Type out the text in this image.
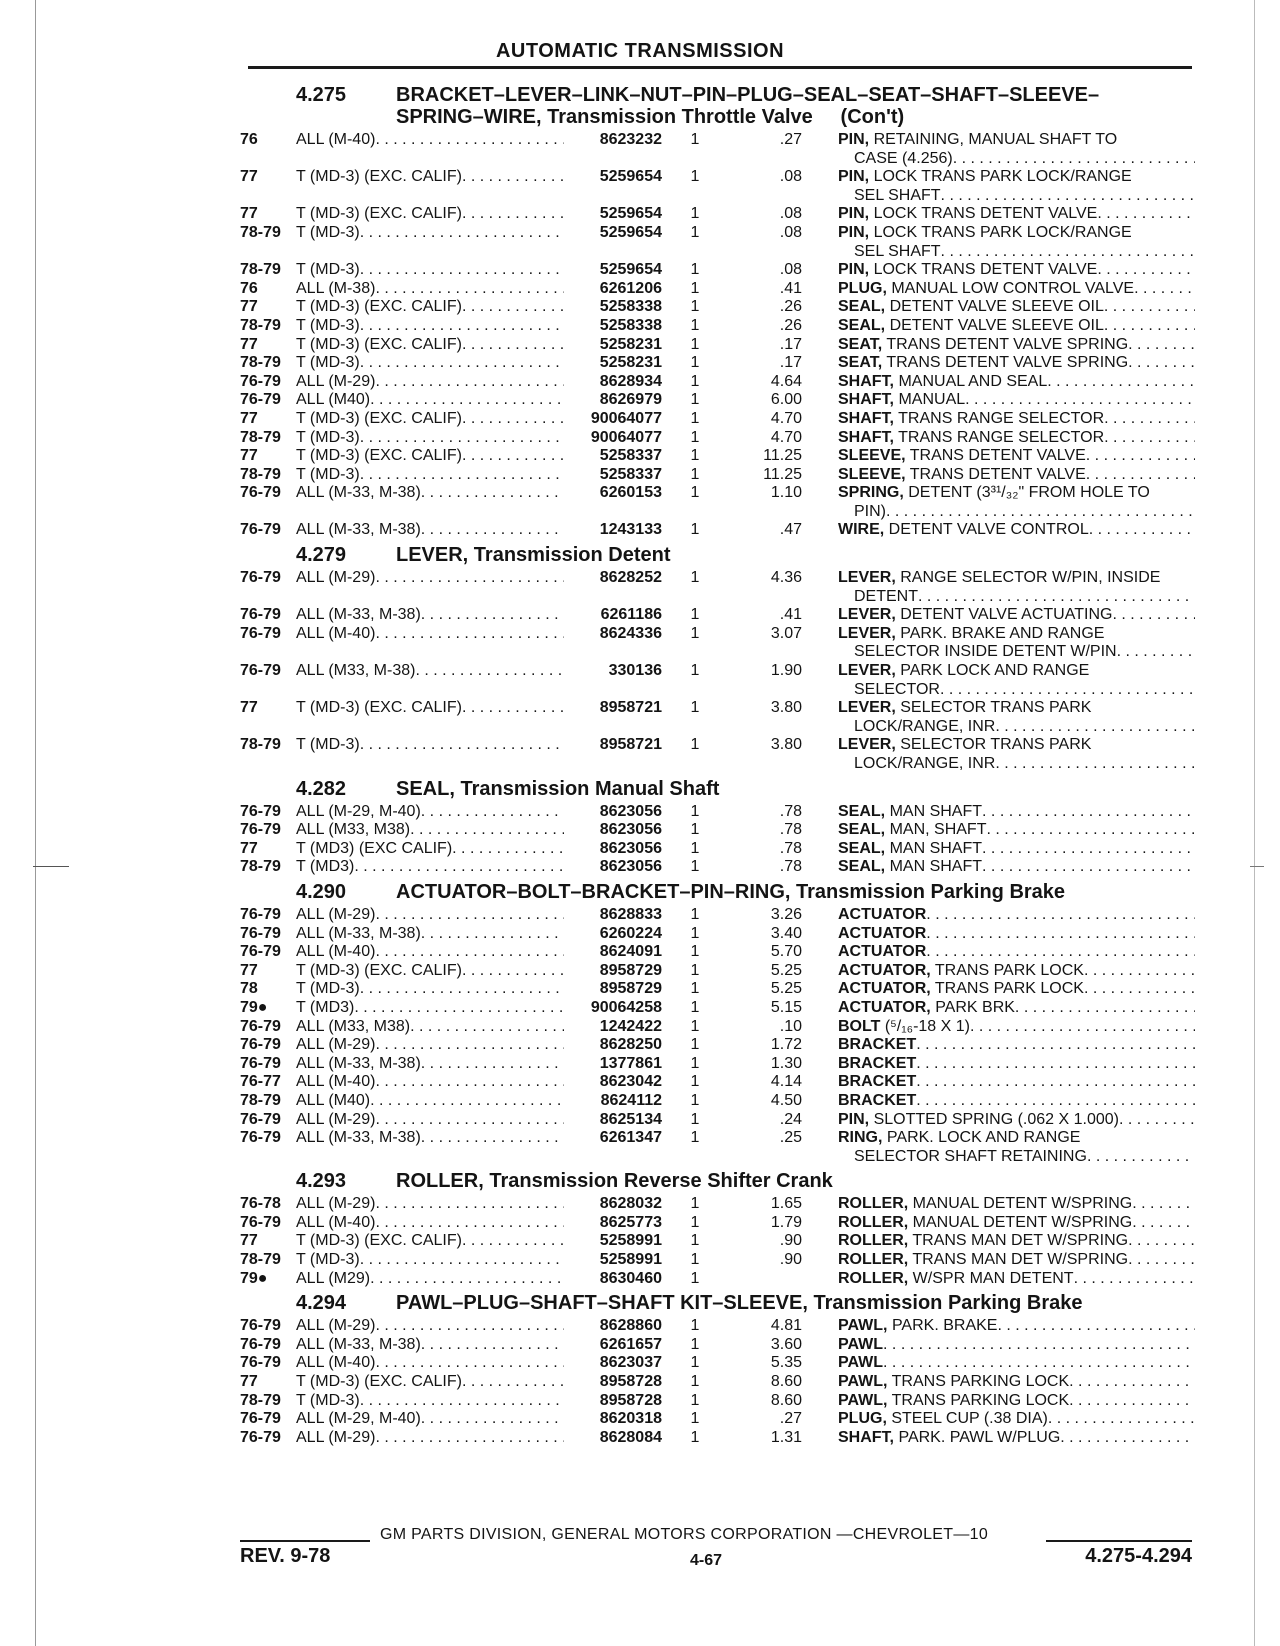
AUTOMATIC TRANSMISSION
4.275	BRACKET–LEVER–LINK–NUT–PIN–PLUG–SEAL–SEAT–SHAFT–SLEEVE–
SPRING–WIRE, Transmission Throttle Valve     (Con't)
76	ALL (M-40) . . .	8623232	1	.27	PIN, RETAINING, MANUAL SHAFT TO
CASE (4.256)
. . .
77	T (MD-3) (EXC. CALIF) . . .	5259654	1	.08	PIN, LOCK TRANS PARK LOCK/RANGE
SEL SHAFT
. . .
77	T (MD-3) (EXC. CALIF) . . .	5259654	1	.08	PIN, LOCK TRANS DETENT VALVE
. . .
78-79 T (MD-3) . . .	5259654	1	.08	PIN, LOCK TRANS PARK LOCK/RANGE
SEL SHAFT
. . .
78-79 T (MD-3) . . .	5259654	1	.08	PIN, LOCK TRANS DETENT VALVE
. . .
76	ALL (M-38) . . .	6261206	1	.41	PLUG, MANUAL LOW CONTROL VALVE
. . .
77	T (MD-3) (EXC. CALIF) . . .	5258338	1	.26	SEAL, DETENT VALVE SLEEVE OIL
. . .
78-79 T (MD-3) . . .	5258338	1	.26	SEAL, DETENT VALVE SLEEVE OIL
. . .
77	T (MD-3) (EXC. CALIF) . . .	5258231	1	.17	SEAT, TRANS DETENT VALVE SPRING
. . .
78-79 T (MD-3) . . .	5258231	1	.17	SEAT, TRANS DETENT VALVE SPRING
. . .
76-79 ALL (M-29) . . .	8628934	1	4.64	SHAFT, MANUAL AND SEAL
. . .
76-79 ALL (M40) . . .	8626979	1	6.00	SHAFT, MANUAL
. . .
77	T (MD-3) (EXC. CALIF) . . .	90064077	1	4.70	SHAFT, TRANS RANGE SELECTOR
. . .
78-79 T (MD-3) . . .	90064077	1	4.70	SHAFT, TRANS RANGE SELECTOR
. . .
77	T (MD-3) (EXC. CALIF) . . .	5258337	1	11.25	SLEEVE, TRANS DETENT VALVE
. . .
78-79 T (MD-3) . . .	5258337	1	11.25	SLEEVE, TRANS DETENT VALVE
. . .
76-79 ALL (M-33, M-38) . . .	6260153	1	1.10	SPRING, DETENT (3³¹/₃₂" FROM HOLE TO
PIN)
. . .
76-79 ALL (M-33, M-38) . . .	1243133	1	.47	WIRE, DETENT VALVE CONTROL
. . .
4.279	LEVER, Transmission Detent
76-79 ALL (M-29) . . .	8628252	1	4.36	LEVER, RANGE SELECTOR W/PIN, INSIDE
DETENT
. . .
76-79 ALL (M-33, M-38) . . .	6261186	1	.41	LEVER, DETENT VALVE ACTUATING
. . .
76-79 ALL (M-40) . . .	8624336	1	3.07	LEVER, PARK. BRAKE AND RANGE
SELECTOR INSIDE DETENT W/PIN
. . .
76-79 ALL (M33, M-38) . . .	330136	1	1.90	LEVER, PARK LOCK AND RANGE
SELECTOR
. . .
77	T (MD-3) (EXC. CALIF) . . .	8958721	1	3.80	LEVER, SELECTOR TRANS PARK
LOCK/RANGE, INR
. . .
78-79 T (MD-3) . . .	8958721	1	3.80	LEVER, SELECTOR TRANS PARK
LOCK/RANGE, INR
. . .
4.282	SEAL, Transmission Manual Shaft
76-79 ALL (M-29, M-40) . . .	8623056	1	.78	SEAL, MAN SHAFT
. . .
76-79 ALL (M33, M38) . . .	8623056	1	.78	SEAL, MAN, SHAFT
. . .
77	T (MD3) (EXC CALIF) . . .	8623056	1	.78	SEAL, MAN SHAFT
. . .
78-79 T (MD3) . . .	8623056	1	.78	SEAL, MAN SHAFT
. . .
4.290	ACTUATOR–BOLT–BRACKET–PIN–RING, Transmission Parking Brake
76-79 ALL (M-29) . . .	8628833	1	3.26	ACTUATOR
. . .
76-79 ALL (M-33, M-38) . . .	6260224	1	3.40	ACTUATOR
. . .
76-79 ALL (M-40) . . .	8624091	1	5.70	ACTUATOR
. . .
77	T (MD-3) (EXC. CALIF) . . .	8958729	1	5.25	ACTUATOR, TRANS PARK LOCK
. . .
78	T (MD-3) . . .	8958729	1	5.25	ACTUATOR, TRANS PARK LOCK
. . .
79●	T (MD3) . . .	90064258	1	5.15	ACTUATOR, PARK BRK
. . .
76-79 ALL (M33, M38) . . .	1242422	1	.10	BOLT (⁵/₁₆-18 X 1)
. . .
76-79 ALL (M-29) . . .	8628250	1	1.72	BRACKET
. . .
76-79 ALL (M-33, M-38) . . .	1377861	1	1.30	BRACKET
. . .
76-77 ALL (M-40) . . .	8623042	1	4.14	BRACKET
. . .
78-79 ALL (M40) . . .	8624112	1	4.50	BRACKET
. . .
76-79 ALL (M-29) . . .	8625134	1	.24	PIN, SLOTTED SPRING (.062 X 1.000)
. . .
76-79 ALL (M-33, M-38) . . .	6261347	1	.25	RING, PARK. LOCK AND RANGE
SELECTOR SHAFT RETAINING
. . .
4.293	ROLLER, Transmission Reverse Shifter Crank
76-78 ALL (M-29) . . .	8628032	1	1.65	ROLLER, MANUAL DETENT W/SPRING
. . .
76-79 ALL (M-40) . . .	8625773	1	1.79	ROLLER, MANUAL DETENT W/SPRING
. . .
77	T (MD-3) (EXC. CALIF) . . .	5258991	1	.90	ROLLER, TRANS MAN DET W/SPRING
. . .
78-79 T (MD-3) . . .	5258991	1	.90	ROLLER, TRANS MAN DET W/SPRING
. . .
79●	ALL (M29) . . .	8630460	1	ROLLER, W/SPR MAN DETENT
. . .
4.294	PAWL–PLUG–SHAFT–SHAFT KIT–SLEEVE, Transmission Parking Brake
76-79 ALL (M-29) . . .	8628860	1	4.81	PAWL, PARK. BRAKE
. . .
76-79 ALL (M-33, M-38) . . .	6261657	1	3.60	PAWL
. . .
76-79 ALL (M-40) . . .	8623037	1	5.35	PAWL
. . .
77	T (MD-3) (EXC. CALIF) . . .	8958728	1	8.60	PAWL, TRANS PARKING LOCK
. . .
78-79 T (MD-3) . . .	8958728	1	8.60	PAWL, TRANS PARKING LOCK
. . .
76-79 ALL (M-29, M-40) . . .	8620318	1	.27	PLUG, STEEL CUP (.38 DIA)
. . .
76-79 ALL (M-29) . . .	8628084	1	1.31	SHAFT, PARK. PAWL W/PLUG
. . .
GM PARTS DIVISION, GENERAL MOTORS CORPORATION —CHEVROLET—10
REV. 9-78	4-67	4.275-4.294
